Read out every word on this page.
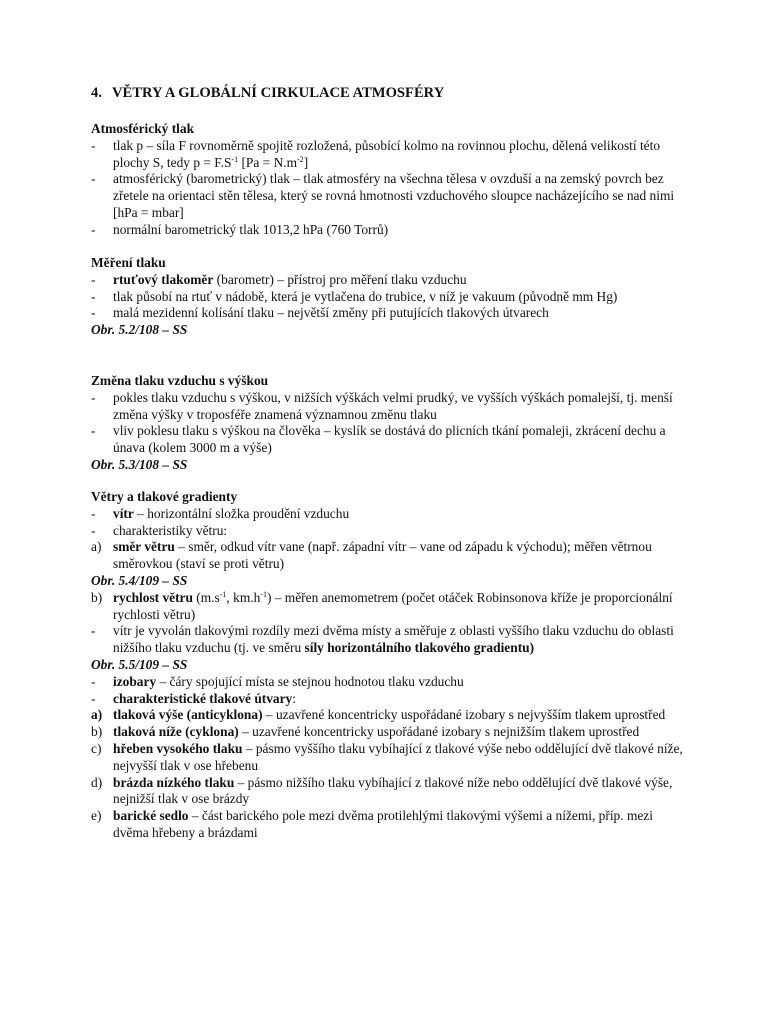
4. VĚTRY A GLOBÁLNÍ CIRKULACE ATMOSFÉRY
Atmosférický tlak
-	tlak p – síla F rovnoměrně spojitě rozložená, působící kolmo na rovinnou plochu, dělená velikostí této plochy S, tedy $p = F.S^{-1}$ $[Pa = N.m^{-2}]$
-	atmosférický (barometrický) tlak – tlak atmosféry na všechna tělesa v ovzduší a na zemský povrch bez zřetele na orientaci stěn tělesa, který se rovná hmotnosti vzduchového sloupce nacházejícího se nad nimi [hPa = mbar]
-	normální barometrický tlak 1013,2 hPa (760 Torrů)
Měření tlaku
-	rtuťový tlakoměr (barometr) – přístroj pro měření tlaku vzduchu
-	tlak působí na rtuť v nádobě, která je vytlačena do trubice, v níž je vakuum (původně mm Hg)
-	malá mezidenní kolísání tlaku – největší změny při putujících tlakových útvarech
Obr. 5.2/108 – SS
Změna tlaku vzduchu s výškou
-	pokles tlaku vzduchu s výškou, v nižších výškách velmi prudký, ve vyšších výškách pomalejší, tj. menší změna výšky v troposféře znamená významnou změnu tlaku
-	vliv poklesu tlaku s výškou na člověka – kyslík se dostává do plicních tkání pomaleji, zkrácení dechu a únava (kolem 3000 m a výše)
Obr. 5.3/108 – SS
Větry a tlakové gradienty
-	vítr – horizontální složka proudění vzduchu
-	charakteristiky větru:
a) směr větru – směr, odkud vítr vane (např. západní vítr – vane od západu k východu); měřen větrnou směrovkou (staví se proti větru)
Obr. 5.4/109 – SS
b) rychlost větru ($m.s^{-1}$, $km.h^{-1}$) – měřen anemometrem (počet otáček Robinsonova kříže je proporcionální rychlosti větru)
-	vítr je vyvolán tlakovými rozdíly mezi dvěma místy a směřuje z oblasti vyššího tlaku vzduchu do oblasti nižšího tlaku vzduchu (tj. ve směru síly horizontálního tlakového gradientu)
Obr. 5.5/109 – SS
-	izobary – čáry spojující místa se stejnou hodnotou tlaku vzduchu
-	charakteristické tlakové útvary:
a) tlaková výše (anticyklona) – uzavřené koncentricky uspořádané izobary s nejvyšším tlakem uprostřed
b) tlaková níže (cyklona) – uzavřené koncentricky uspořádané izobary s nejnižším tlakem uprostřed
c) hřeben vysokého tlaku – pásmo vyššího tlaku vybíhající z tlakové výše nebo oddělující dvě tlakové níže, nejvyšší tlak v ose hřebenu
d) brázda nízkého tlaku – pásmo nižšího tlaku vybíhající z tlakové níže nebo oddělující dvě tlakové výše, nejnižší tlak v ose brázdy
e) barické sedlo – část barického pole mezi dvěma protilehlými tlakovými výšemi a nížemi, příp. mezi dvěma hřebeny a brázdami
